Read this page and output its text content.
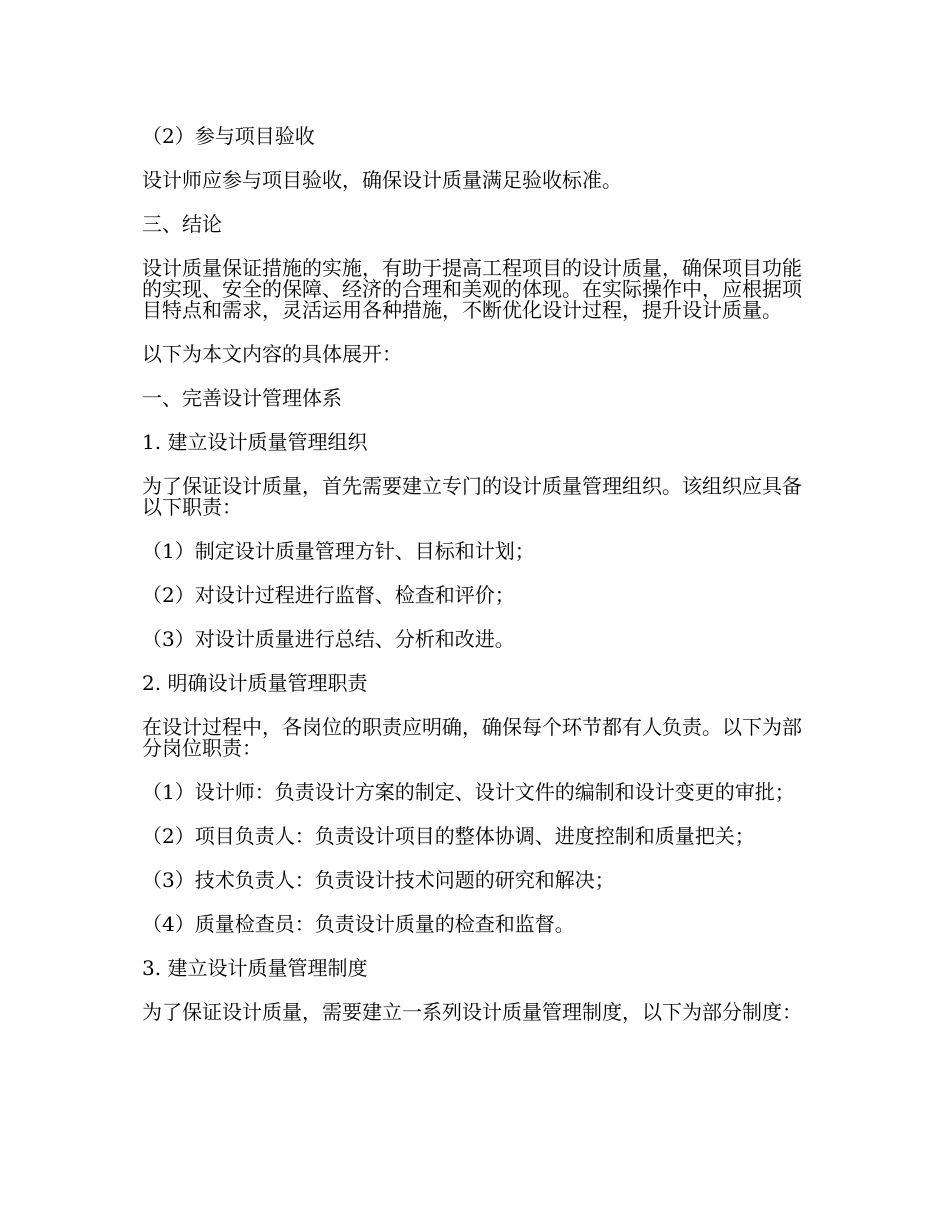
（2）参与项目验收

设计师应参与项目验收，确保设计质量满足验收标准。

三、结论

设计质量保证措施的实施，有助于提高工程项目的设计质量，确保项目功能的实现、安全的保障、经济的合理和美观的体现。在实际操作中，应根据项目特点和需求，灵活运用各种措施，不断优化设计过程，提升设计质量。

以下为本文内容的具体展开：

一、完善设计管理体系

1. 建立设计质量管理组织

为了保证设计质量，首先需要建立专门的设计质量管理组织。该组织应具备以下职责：

（1）制定设计质量管理方针、目标和计划；

（2）对设计过程进行监督、检查和评价；

（3）对设计质量进行总结、分析和改进。

2. 明确设计质量管理职责

在设计过程中，各岗位的职责应明确，确保每个环节都有人负责。以下为部分岗位职责：

（1）设计师：负责设计方案的制定、设计文件的编制和设计变更的审批；

（2）项目负责人：负责设计项目的整体协调、进度控制和质量把关；

（3）技术负责人：负责设计技术问题的研究和解决；

（4）质量检查员：负责设计质量的检查和监督。

3. 建立设计质量管理制度

为了保证设计质量，需要建立一系列设计质量管理制度，以下为部分制度：
